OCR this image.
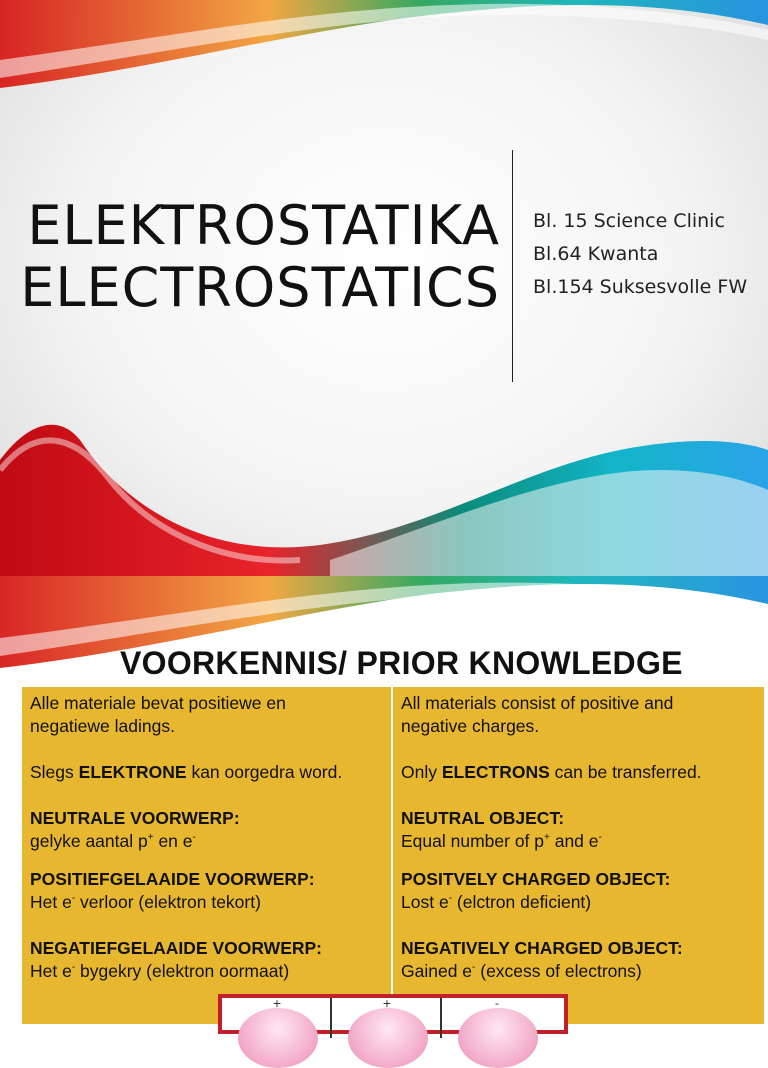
ELEKTROSTATIKA
ELECTROSTATICS
Bl. 15 Science Clinic
Bl.64 Kwanta
Bl.154 Suksesvolle FW
VOORKENNIS/ PRIOR KNOWLEDGE
Alle materiale bevat positiewe en
negatiewe ladings.
Slegs ELEKTRONE kan oorgedra word.
NEUTRALE VOORWERP:
gelyke aantal p+ en e-
POSITIEFGELAAIDE VOORWERP:
Het e- verloor (elektron tekort)
NEGATIEFGELAAIDE VOORWERP:
Het e- bygekry (elektron oormaat)
All materials consist of positive and
negative charges.
Only ELECTRONS can be transferred.
NEUTRAL OBJECT:
Equal number of p+ and e-
POSITVELY CHARGED OBJECT:
Lost e- (elctron deficient)
NEGATIVELY CHARGED OBJECT:
Gained e- (excess of electrons)
+	+	-
